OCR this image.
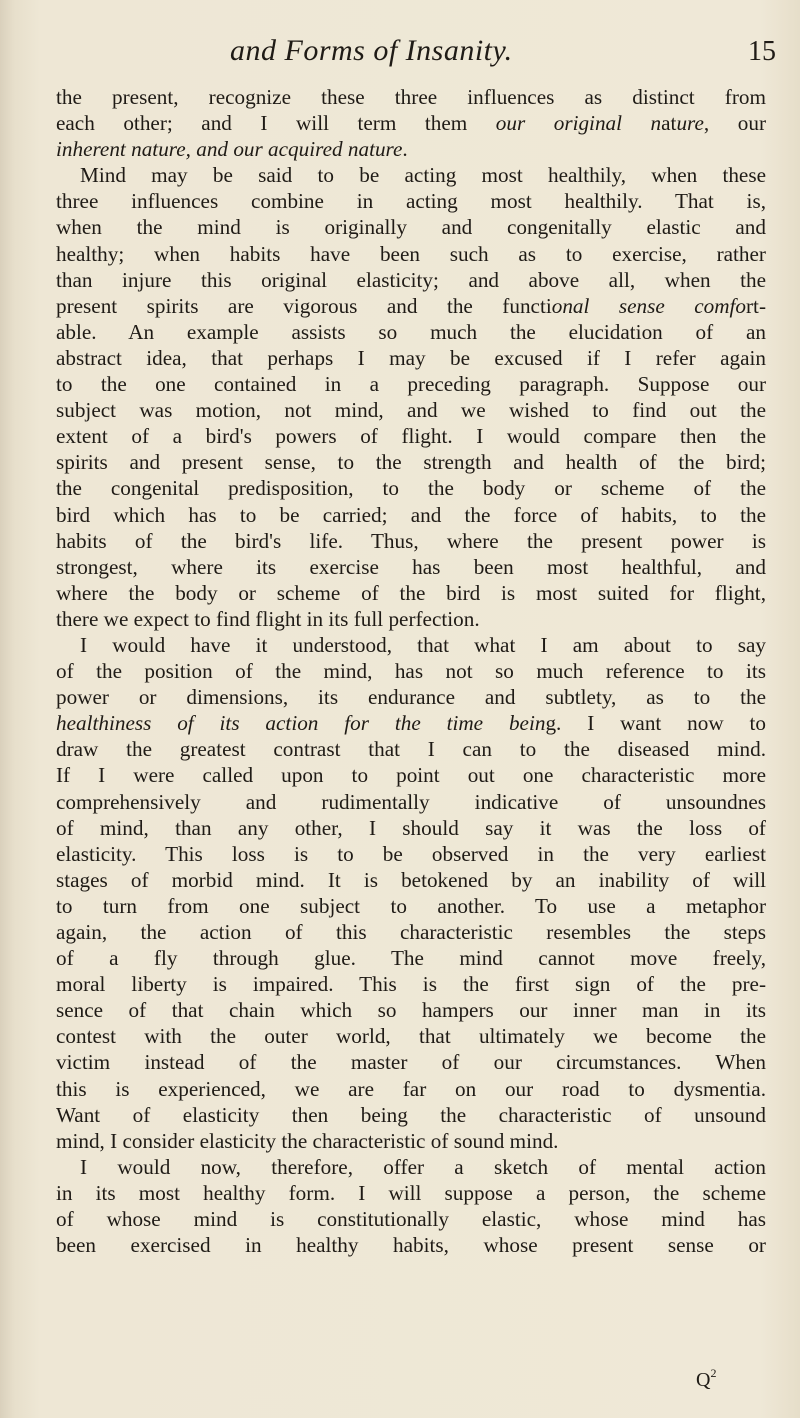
and Forms of Insanity.	15
the present, recognize these three influences as distinct from
each other; and I will term them our original nature, our
inherent nature, and our acquired nature.
Mind may be said to be acting most healthily, when these
three influences combine in acting most healthily. That is,
when the mind is originally and congenitally elastic and
healthy; when habits have been such as to exercise, rather
than injure this original elasticity; and above all, when the
present spirits are vigorous and the functional sense comfort-
able. An example assists so much the elucidation of an
abstract idea, that perhaps I may be excused if I refer again
to the one contained in a preceding paragraph. Suppose our
subject was motion, not mind, and we wished to find out the
extent of a bird's powers of flight. I would compare then the
spirits and present sense, to the strength and health of the bird;
the congenital predisposition, to the body or scheme of the
bird which has to be carried; and the force of habits, to the
habits of the bird's life. Thus, where the present power is
strongest, where its exercise has been most healthful, and
where the body or scheme of the bird is most suited for flight,
there we expect to find flight in its full perfection.
I would have it understood, that what I am about to say
of the position of the mind, has not so much reference to its
power or dimensions, its endurance and subtlety, as to the
healthiness of its action for the time being. I want now to
draw the greatest contrast that I can to the diseased mind.
If I were called upon to point out one characteristic more
comprehensively and rudimentally indicative of unsoundnes
of mind, than any other, I should say it was the loss of
elasticity. This loss is to be observed in the very earliest
stages of morbid mind. It is betokened by an inability of will
to turn from one subject to another. To use a metaphor
again, the action of this characteristic resembles the steps
of a fly through glue. The mind cannot move freely,
moral liberty is impaired. This is the first sign of the pre-
sence of that chain which so hampers our inner man in its
contest with the outer world, that ultimately we become the
victim instead of the master of our circumstances. When
this is experienced, we are far on our road to dysmentia.
Want of elasticity then being the characteristic of unsound
mind, I consider elasticity the characteristic of sound mind.
I would now, therefore, offer a sketch of mental action
in its most healthy form. I will suppose a person, the scheme
of whose mind is constitutionally elastic, whose mind has
been exercised in healthy habits, whose present sense or
$Q^2$
